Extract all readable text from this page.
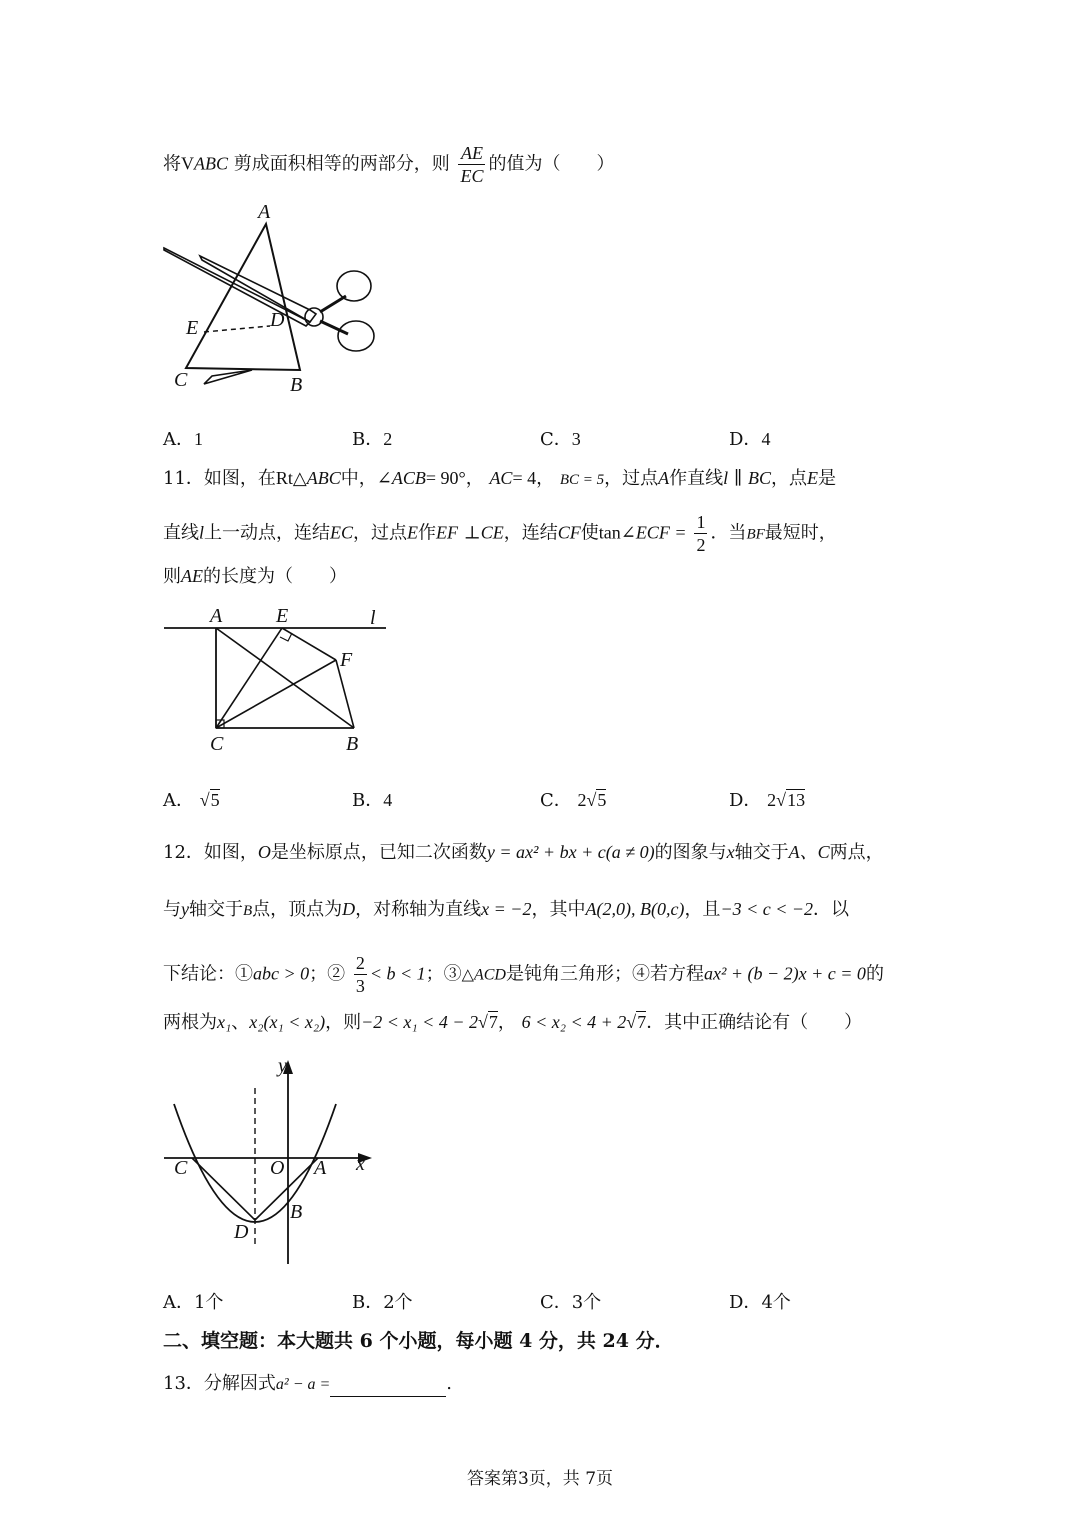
将VABC 剪成面积相等的两部分，则 $\frac{AE}{EC}$ 的值为（　　）
A
E	D
C	B
A．1	B．2	C．3	D．4
11．如图，在Rt△ABC中，∠ACB= 90°， AC= 4， BC = 5，过点A作直线l ∥ BC，点E是
直线l上一动点，连结EC，过点E作EF ⊥CE，连结CF使tan∠ECF = $\frac{1}{2}$ ．当BF最短时，
则AE的长度为（　　）
A	E	l
F
C	B
A． √5	B．4	C． 2√5	D． 2√13
12．如图，O是坐标原点，已知二次函数y = ax² + bx + c(a ≠ 0)的图象与x轴交于A、C两点，
与y轴交于B点，顶点为D，对称轴为直线x = −2，其中A(2,0), B(0,c)，且−3 < c < −2．以
下结论：①abc > 0；② $\frac{2}{3} < b < 1$；③△ACD是钝角三角形；④若方程ax² + (b − 2)x + c = 0的
两根为x₁、x₂(x₁ < x₂)，则−2 < x₁ < 4 − 2√7， 6 < x₂ < 4 + 2√7．其中正确结论有（　　）
y
x
C	O A
B
D
A．1个	B．2个	C．3个	D．4个
二、填空题：本大题共 6 个小题，每小题 4 分，共 24 分．
13．分解因式a² − a =	.
答案第3页，共 7页
